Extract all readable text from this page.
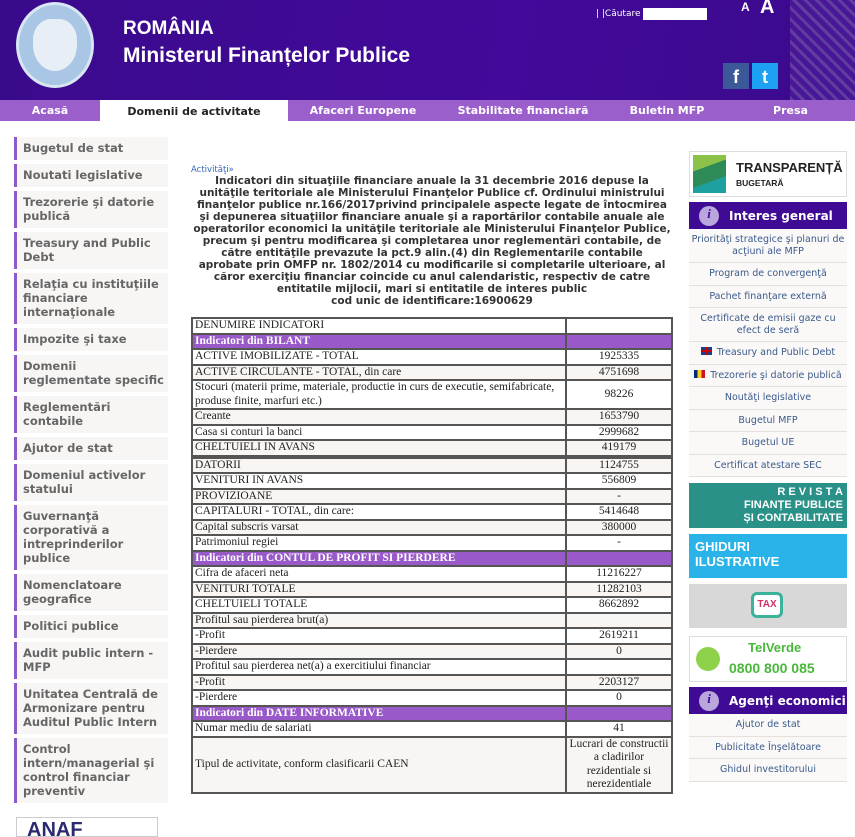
ROMÂNIA
Ministerul Finanțelor Publice
| |Căutare	A A
f	t
Acasă	Domenii de activitate	Afaceri Europene	Stabilitate financiară	Buletin MFP	Presa
Bugetul de stat
Noutati legislative
Trezorerie şi datorie publică
Treasury and Public Debt
Relaţia cu instituţiile financiare internaţionale
Impozite şi taxe
Domenii reglementate specific
Reglementări contabile
Ajutor de stat
Domeniul activelor statului
Guvernanţă corporativă a intreprinderilor publice
Nomenclatoare geografice
Politici publice
Audit public intern - MFP
Unitatea Centrală de Armonizare pentru Auditul Public Intern
Control intern/managerial şi control financiar preventiv
ANAF
Activităţi»
Indicatori din situaţiile financiare anuale la 31 decembrie 2016 depuse la unităţile teritoriale ale Ministerului Finanţelor Publice cf. Ordinului ministrului finanţelor publice nr.166/2017privind principalele aspecte legate de întocmirea şi depunerea situaţiilor financiare anuale şi a raportărilor contabile anuale ale operatorilor economici la unităţile teritoriale ale Ministerului Finanţelor Publice, precum şi pentru modificarea şi completarea unor reglementări contabile, de către entităţile prevazute la pct.9 alin.(4) din Reglementarile contabile aprobate prin OMFP nr. 1802/2014 cu modificarile si completarile ulterioare, al căror exerciţiu financiar coincide cu anul calendaristic, respectiv de catre entitatile mijlocii, mari si entitatile de interes public
cod unic de identificare:16900629
DENUMIRE INDICATORI	
Indicatori din BILANT	
ACTIVE IMOBILIZATE - TOTAL	1925335
ACTIVE CIRCULANTE - TOTAL, din care	4751698
Stocuri (materii prime, materiale, productie in curs de executie, semifabricate, produse finite, marfuri etc.)	98226
Creante	1653790
Casa si conturi la banci	2999682
CHELTUIELI IN AVANS	419179

DATORII	1124755
VENITURI IN AVANS	556809
PROVIZIOANE	-
CAPITALURI - TOTAL, din care:	5414648
Capital subscris varsat	380000
Patrimoniul regiei	-
Indicatori din CONTUL DE PROFIT SI PIERDERE	
Cifra de afaceri neta	11216227
VENITURI TOTALE	11282103
CHELTUIELI TOTALE	8662892
Profitul sau pierderea brut(a)	
-Profit	2619211
-Pierdere	0
Profitul sau pierderea net(a) a exercitiului financiar	
-Profit	2203127
-Pierdere	0
Indicatori din DATE INFORMATIVE	
Numar mediu de salariati	41
Tipul de activitate, conform clasificarii CAEN	Lucrari de constructii a cladirilor rezidentiale si nerezidentiale
TRANSPARENȚĂ
BUGETARĂ
i	Interes general
Priorităţi strategice şi planuri de acţiuni ale MFP
Program de convergenţă
Pachet finanţare externă
Certificate de emisii gaze cu efect de seră
Treasury and Public Debt
Trezorerie şi datorie publică
Noutăţi legislative
Bugetul MFP
Bugetul UE
Certificat atestare SEC
R E V I S T A
FINANȚE PUBLICE
ȘI CONTABILITATE
GHIDURI
ILUSTRATIVE
TAX
TelVerde
0800 800 085
i	Agenţi economici
Ajutor de stat
Publicitate Înşelătoare
Ghidul investitorului
